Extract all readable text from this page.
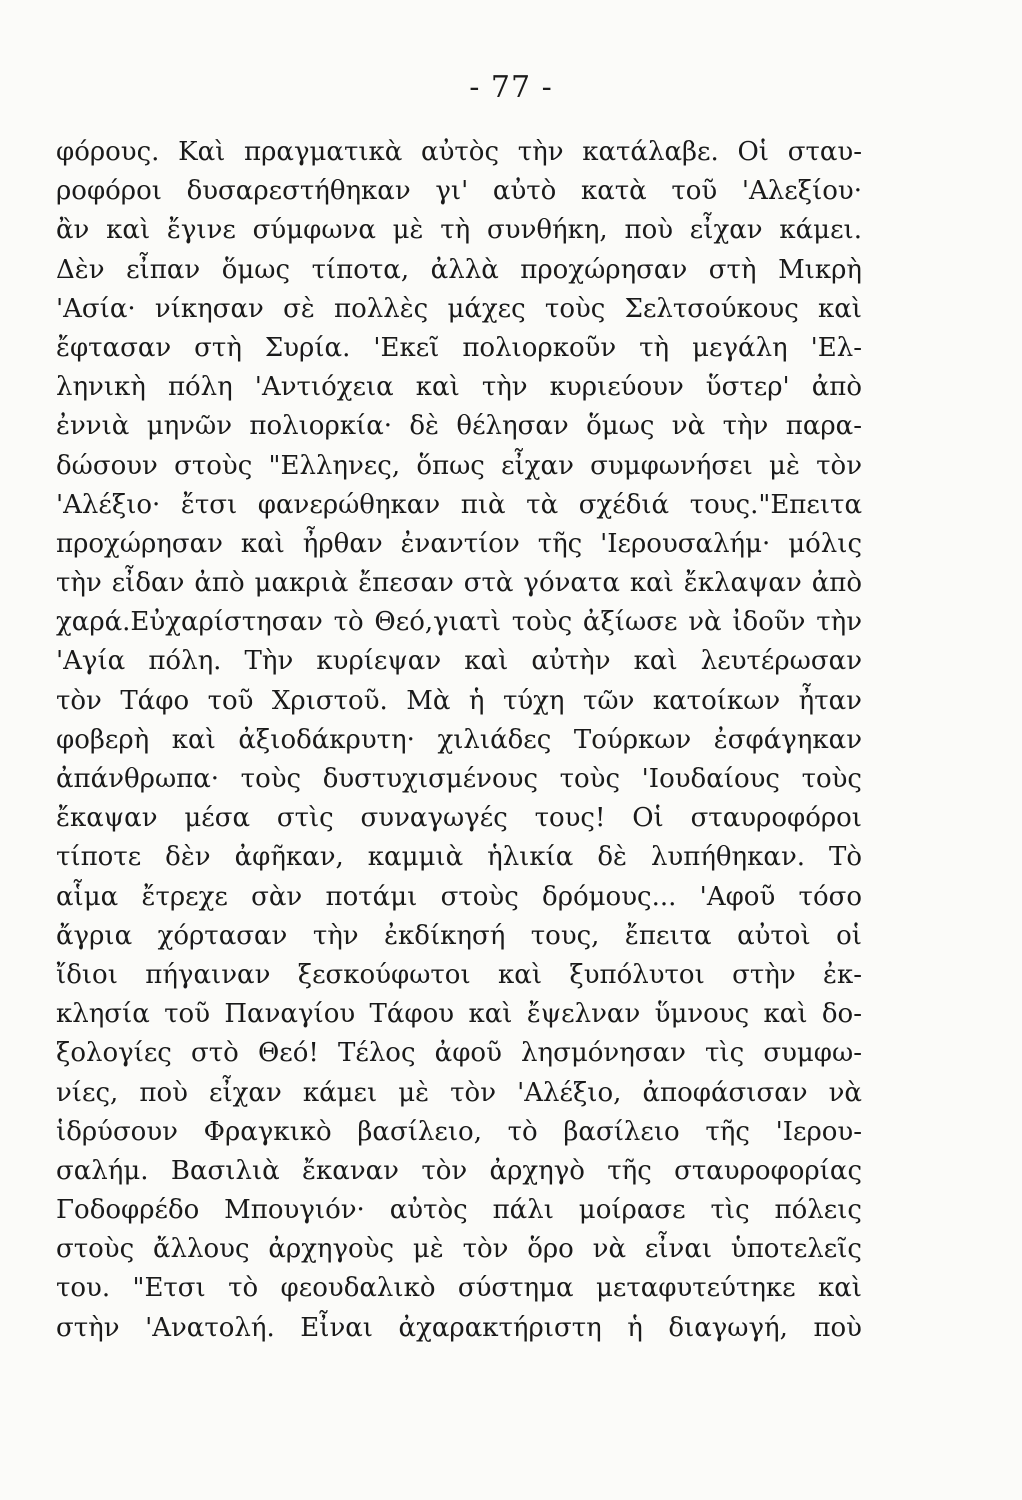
- 77 -
φόρους. Καὶ πραγματικὰ αὐτὸς τὴν κατάλαβε. Οἱ σταυ-
ροφόροι δυσαρεστήθηκαν γι' αὐτὸ κατὰ τοῦ 'Αλεξίου·
ἂν καὶ ἔγινε σύμφωνα μὲ τὴ συνθήκη, ποὺ εἶχαν κάμει.
Δὲν εἶπαν ὅμως τίποτα, ἀλλὰ προχώρησαν στὴ Μικρὴ
'Ασία· νίκησαν σὲ πολλὲς μάχες τοὺς Σελτσούκους καὶ
ἔφτασαν στὴ Συρία. 'Εκεῖ πολιορκοῦν τὴ μεγάλη 'Ελ-
ληνικὴ πόλη 'Αντιόχεια καὶ τὴν κυριεύουν ὕστερ' ἀπὸ
ἐννιὰ μηνῶν πολιορκία· δὲ θέλησαν ὅμως νὰ τὴν παρα-
δώσουν στοὺς "Ελληνες, ὅπως εἶχαν συμφωνήσει μὲ τὸν
'Αλέξιο· ἔτσι φανερώθηκαν πιὰ τὰ σχέδιά τους."Επειτα
προχώρησαν καὶ ἦρθαν ἐναντίον τῆς 'Ιερουσαλήμ· μόλις
τὴν εἶδαν ἀπὸ μακριὰ ἔπεσαν στὰ γόνατα καὶ ἔκλαψαν ἀπὸ
χαρά.Εὐχαρίστησαν τὸ Θεό,γιατὶ τοὺς ἀξίωσε νὰ ἰδοῦν τὴν
'Αγία πόλη. Τὴν κυρίεψαν καὶ αὐτὴν καὶ λευτέρωσαν
τὸν Τάφο τοῦ Χριστοῦ. Μὰ ἡ τύχη τῶν κατοίκων ἦταν
φοβερὴ καὶ ἀξιοδάκρυτη· χιλιάδες Τούρκων ἐσφάγηκαν
ἀπάνθρωπα· τοὺς δυστυχισμένους τοὺς 'Ιουδαίους τοὺς
ἔκαψαν μέσα στὶς συναγωγές τους! Οἱ σταυροφόροι
τίποτε δὲν ἀφῆκαν, καμμιὰ ἡλικία δὲ λυπήθηκαν. Τὸ
αἷμα ἔτρεχε σὰν ποτάμι στοὺς δρόμους... 'Αφοῦ τόσο
ἄγρια χόρτασαν τὴν ἐκδίκησή τους, ἔπειτα αὐτοὶ οἱ
ἴδιοι πήγαιναν ξεσκούφωτοι καὶ ξυπόλυτοι στὴν ἐκ-
κλησία τοῦ Παναγίου Τάφου καὶ ἔψελναν ὕμνους καὶ δο-
ξολογίες στὸ Θεό! Τέλος ἀφοῦ λησμόνησαν τὶς συμφω-
νίες, ποὺ εἶχαν κάμει μὲ τὸν 'Αλέξιο, ἀποφάσισαν νὰ
ἱδρύσουν Φραγκικὸ βασίλειο, τὸ βασίλειο τῆς 'Ιερου-
σαλήμ. Βασιλιὰ ἔκαναν τὸν ἀρχηγὸ τῆς σταυροφορίας
Γοδοφρέδο Μπουγιόν· αὐτὸς πάλι μοίρασε τὶς πόλεις
στοὺς ἄλλους ἀρχηγοὺς μὲ τὸν ὅρο νὰ εἶναι ὑποτελεῖς
του. "Ετσι τὸ φεουδαλικὸ σύστημα μεταφυτεύτηκε καὶ
στὴν 'Ανατολή. Εἶναι ἀχαρακτήριστη ἡ διαγωγή, ποὺ
